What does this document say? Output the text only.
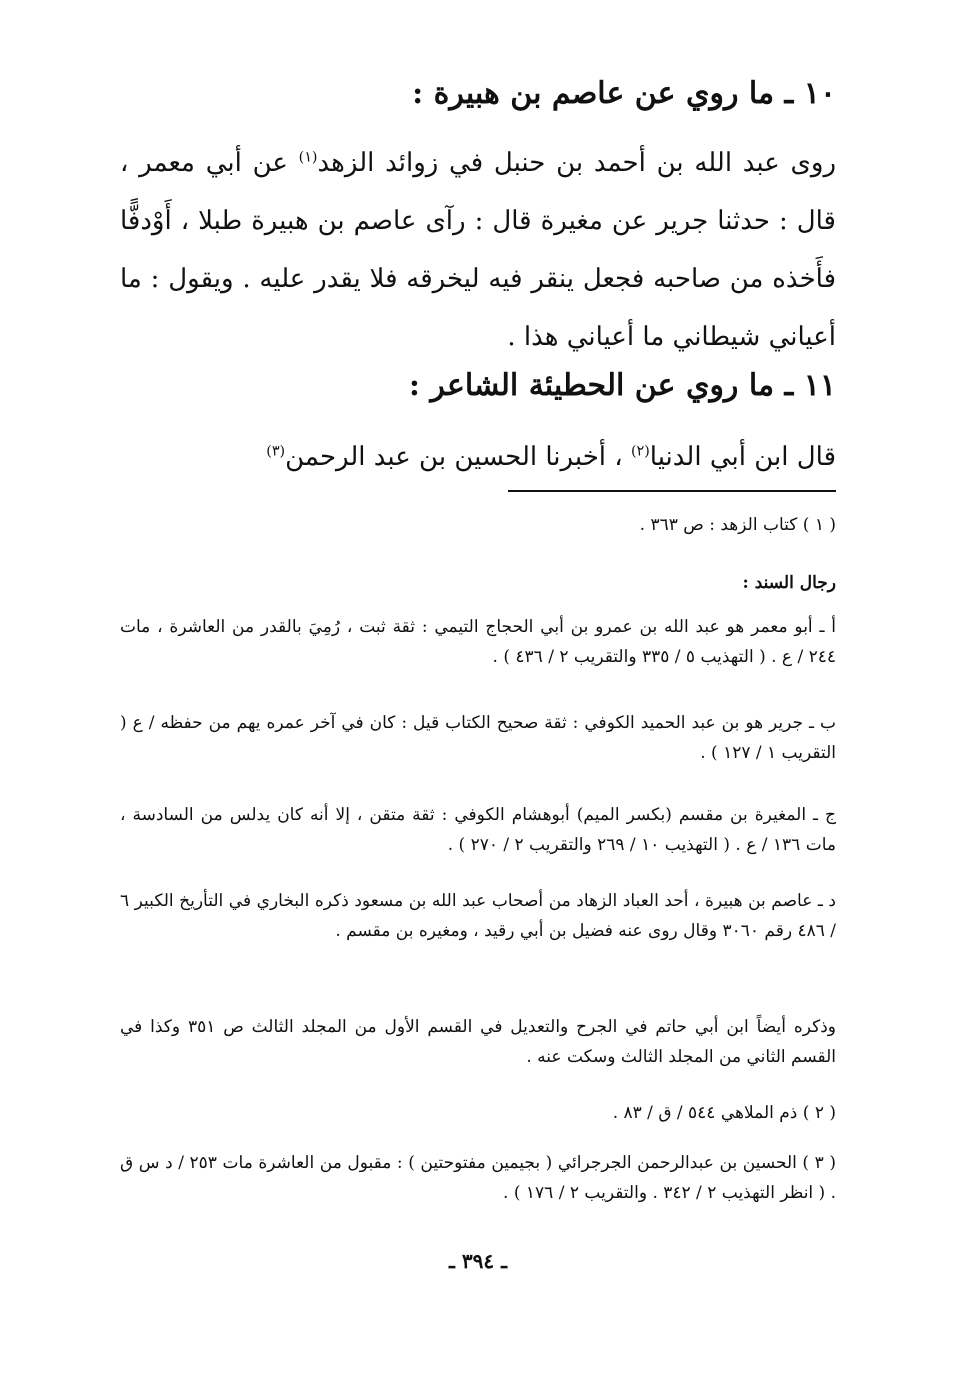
١٠ ـ ما روي عن عاصم بن هبيرة :
روى عبد الله بن أحمد بن حنبل في زوائد الزهد$^{(١)}$ عن أبي معمر ، قال : حدثنا جرير عن مغيرة قال : رآى عاصم بن هبيرة طبلا ، أَوْدفًّا فأَخذه من صاحبه فجعل ينقر فيه ليخرقه فلا يقدر عليه . ويقول : ما أعياني شيطاني ما أعياني هذا .
١١ ـ ما روي عن الحطيئة الشاعر :
قال ابن أبي الدنيا$^{(٢)}$ ، أخبرنا الحسين بن عبد الرحمن$^{(٣)}$
( ١ ) كتاب الزهد : ص ٣٦٣ .
رجال السند :
أ ـ أبو معمر هو عبد الله بن عمرو بن أبي الحجاج التيمي : ثقة ثبت ، رُمِيَ بالقدر من العاشرة ، مات ٢٤٤ / ع . ( التهذيب ٥ / ٣٣٥ والتقريب ٢ / ٤٣٦ ) .
ب ـ جرير هو بن عبد الحميد الكوفي : ثقة صحيح الكتاب قيل : كان في آخر عمره يهم من حفظه / ع ( التقريب ١ / ١٢٧ ) .
ج ـ المغيرة بن مقسم (بكسر الميم) أبوهشام الكوفي : ثقة متقن ، إلا أنه كان يدلس من السادسة ، مات ١٣٦ / ع . ( التهذيب ١٠ / ٢٦٩ والتقريب ٢ / ٢٧٠ ) .
د ـ عاصم بن هبيرة ، أحد العباد الزهاد من أصحاب عبد الله بن مسعود ذكره البخاري في التأريخ الكبير ٦ / ٤٨٦ رقم ٣٠٦٠ وقال روى عنه فضيل بن أبي رقيد ، ومغيره بن مقسم .
وذكره أيضاً ابن أبي حاتم في الجرح والتعديل في القسم الأول من المجلد الثالث ص ٣٥١ وكذا في القسم الثاني من المجلد الثالث وسكت عنه .
( ٢ ) ذم الملاهي ٥٤٤ / ق / ٨٣ .
( ٣ ) الحسين بن عبدالرحمن الجرجرائي ( بجيمين مفتوحتين ) : مقبول من العاشرة مات ٢٥٣ / د س ق . ( انظر التهذيب ٢ / ٣٤٢ . والتقريب ٢ / ١٧٦ ) .
ـ ٣٩٤ ـ
